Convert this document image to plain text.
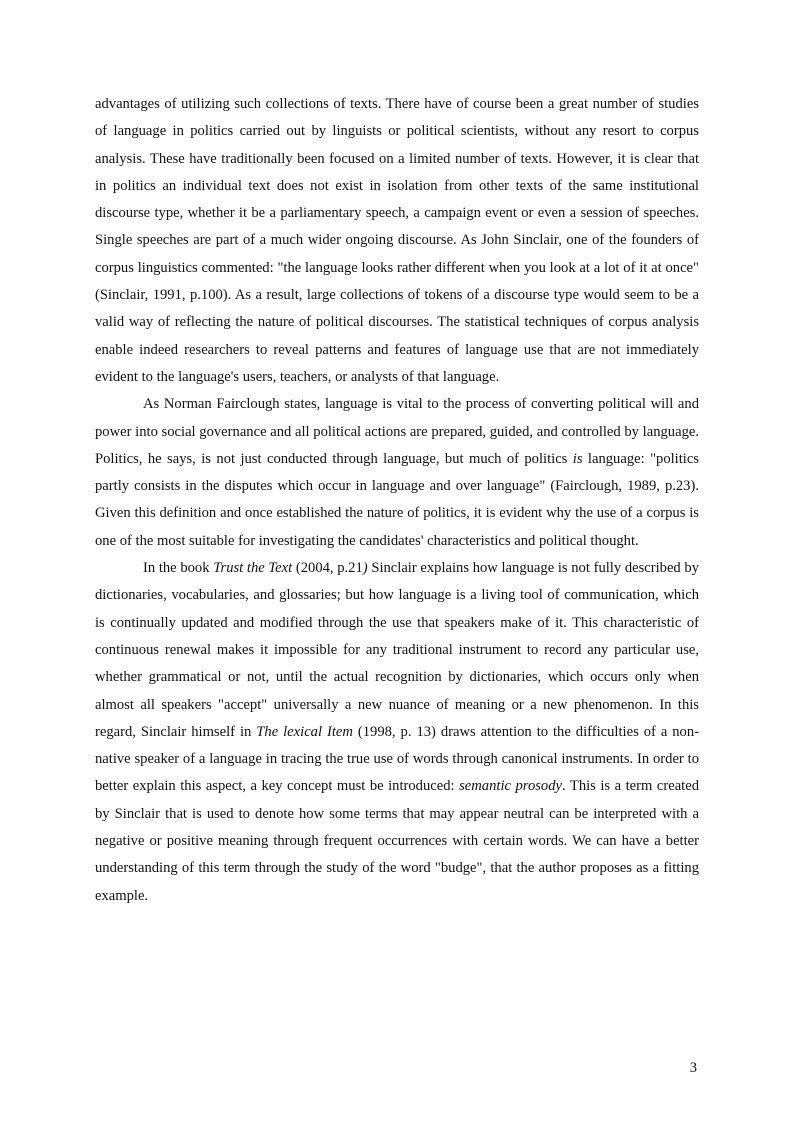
advantages of utilizing such collections of texts. There have of course been a great number of studies of language in politics carried out by linguists or political scientists, without any resort to corpus analysis. These have traditionally been focused on a limited number of texts. However, it is clear that in politics an individual text does not exist in isolation from other texts of the same institutional discourse type, whether it be a parliamentary speech, a campaign event or even a session of speeches. Single speeches are part of a much wider ongoing discourse. As John Sinclair, one of the founders of corpus linguistics commented: "the language looks rather different when you look at a lot of it at once" (Sinclair, 1991, p.100). As a result, large collections of tokens of a discourse type would seem to be a valid way of reflecting the nature of political discourses. The statistical techniques of corpus analysis enable indeed researchers to reveal patterns and features of language use that are not immediately evident to the language's users, teachers, or analysts of that language.

As Norman Fairclough states, language is vital to the process of converting political will and power into social governance and all political actions are prepared, guided, and controlled by language. Politics, he says, is not just conducted through language, but much of politics is language: "politics partly consists in the disputes which occur in language and over language" (Fairclough, 1989, p.23). Given this definition and once established the nature of politics, it is evident why the use of a corpus is one of the most suitable for investigating the candidates' characteristics and political thought.

In the book Trust the Text (2004, p.21) Sinclair explains how language is not fully described by dictionaries, vocabularies, and glossaries; but how language is a living tool of communication, which is continually updated and modified through the use that speakers make of it. This characteristic of continuous renewal makes it impossible for any traditional instrument to record any particular use, whether grammatical or not, until the actual recognition by dictionaries, which occurs only when almost all speakers "accept" universally a new nuance of meaning or a new phenomenon. In this regard, Sinclair himself in The lexical Item (1998, p. 13) draws attention to the difficulties of a non-native speaker of a language in tracing the true use of words through canonical instruments. In order to better explain this aspect, a key concept must be introduced: semantic prosody. This is a term created by Sinclair that is used to denote how some terms that may appear neutral can be interpreted with a negative or positive meaning through frequent occurrences with certain words. We can have a better understanding of this term through the study of the word "budge", that the author proposes as a fitting example.

3
